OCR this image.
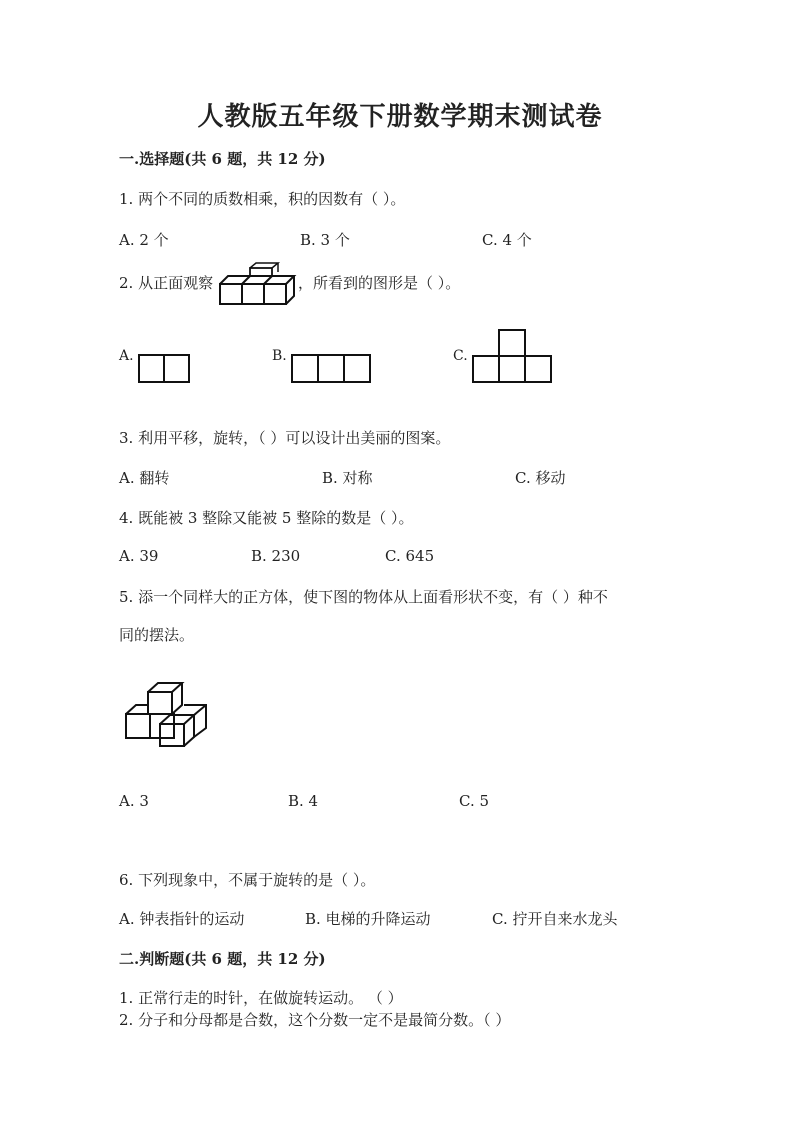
人教版五年级下册数学期末测试卷
一.选择题(共 6 题，共 12 分)
1. 两个不同的质数相乘，积的因数有（ ）。
A. 2 个	B. 3 个	C. 4 个
2. 从正面观察	，所看到的图形是（ ）。
A.	B.	C.
3. 利用平移，旋转，（ ）可以设计出美丽的图案。
A. 翻转	B. 对称	C. 移动
4. 既能被 3 整除又能被 5 整除的数是（ ）。
A. 39	B. 230	C. 645
5. 添一个同样大的正方体，使下图的物体从上面看形状不变，有（ ）种不
同的摆法。
A. 3	B. 4	C. 5
6. 下列现象中，不属于旋转的是（ ）。
A. 钟表指针的运动	B. 电梯的升降运动	C. 拧开自来水龙头
二.判断题(共 6 题，共 12 分)
1. 正常行走的时针，在做旋转运动。 （ ）
2. 分子和分母都是合数，这个分数一定不是最简分数。（ ）
